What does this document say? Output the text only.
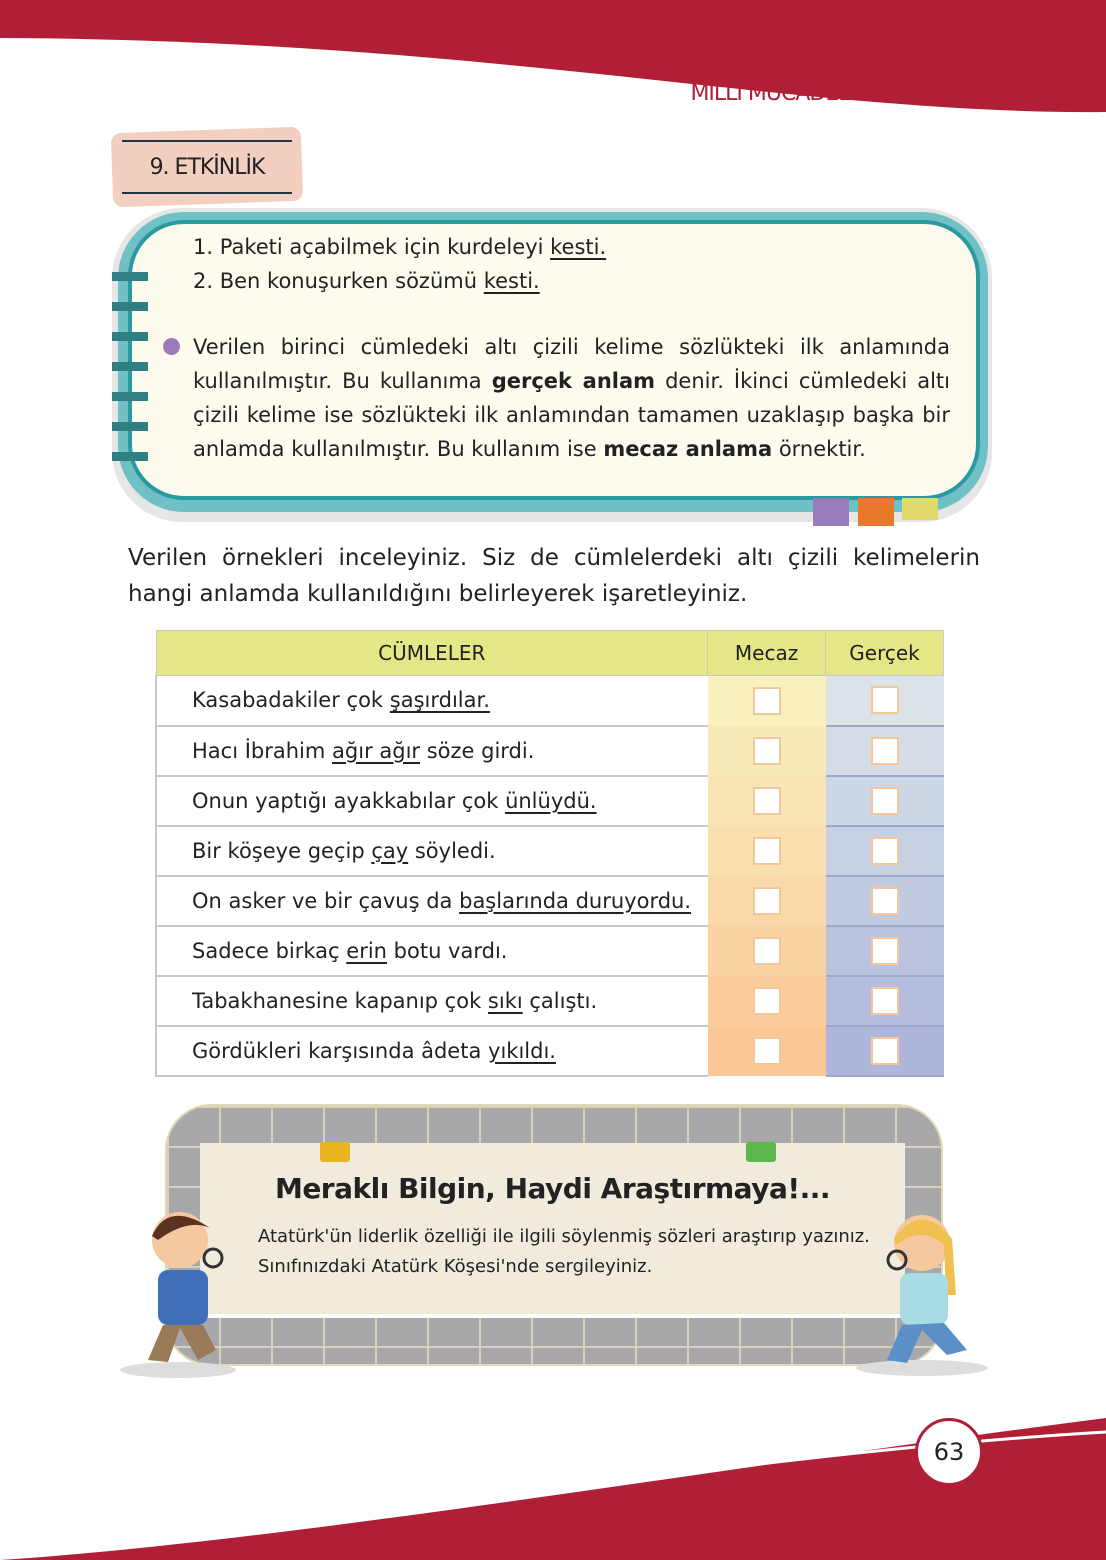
2. TEMA
MİLLÎ MÜCADELE VE ATATÜRK
9. ETKİNLİK
1. Paketi açabilmek için kurdeleyi kesti.
2. Ben konuşurken sözümü kesti.
Verilen birinci cümledeki altı çizili kelime sözlükteki ilk anlamında kullanılmıştır. Bu kullanıma gerçek anlam denir. İkinci cümledeki altı çizili kelime ise sözlükteki ilk anlamından tamamen uzaklaşıp başka bir anlamda kullanılmıştır. Bu kullanım ise mecaz anlama örnektir.
Verilen örnekleri inceleyiniz. Siz de cümlelerdeki altı çizili kelimelerin hangi anlamda kullanıldığını belirleyerek işaretleyiniz.
CÜMLELER	Mecaz	Gerçek
Kasabadakiler çok şaşırdılar.		
Hacı İbrahim ağır ağır söze girdi.		
Onun yaptığı ayakkabılar çok ünlüydü.		
Bir köşeye geçip çay söyledi.		
On asker ve bir çavuş da başlarında duruyordu.		
Sadece birkaç erin botu vardı.		
Tabakhanesine kapanıp çok sıkı çalıştı.		
Gördükleri karşısında âdeta yıkıldı.		
Meraklı Bilgin, Haydi Araştırmaya!...
Atatürk'ün liderlik özelliği ile ilgili söylenmiş sözleri araştırıp yazınız. Sınıfınızdaki Atatürk Köşesi'nde sergileyiniz.
63
